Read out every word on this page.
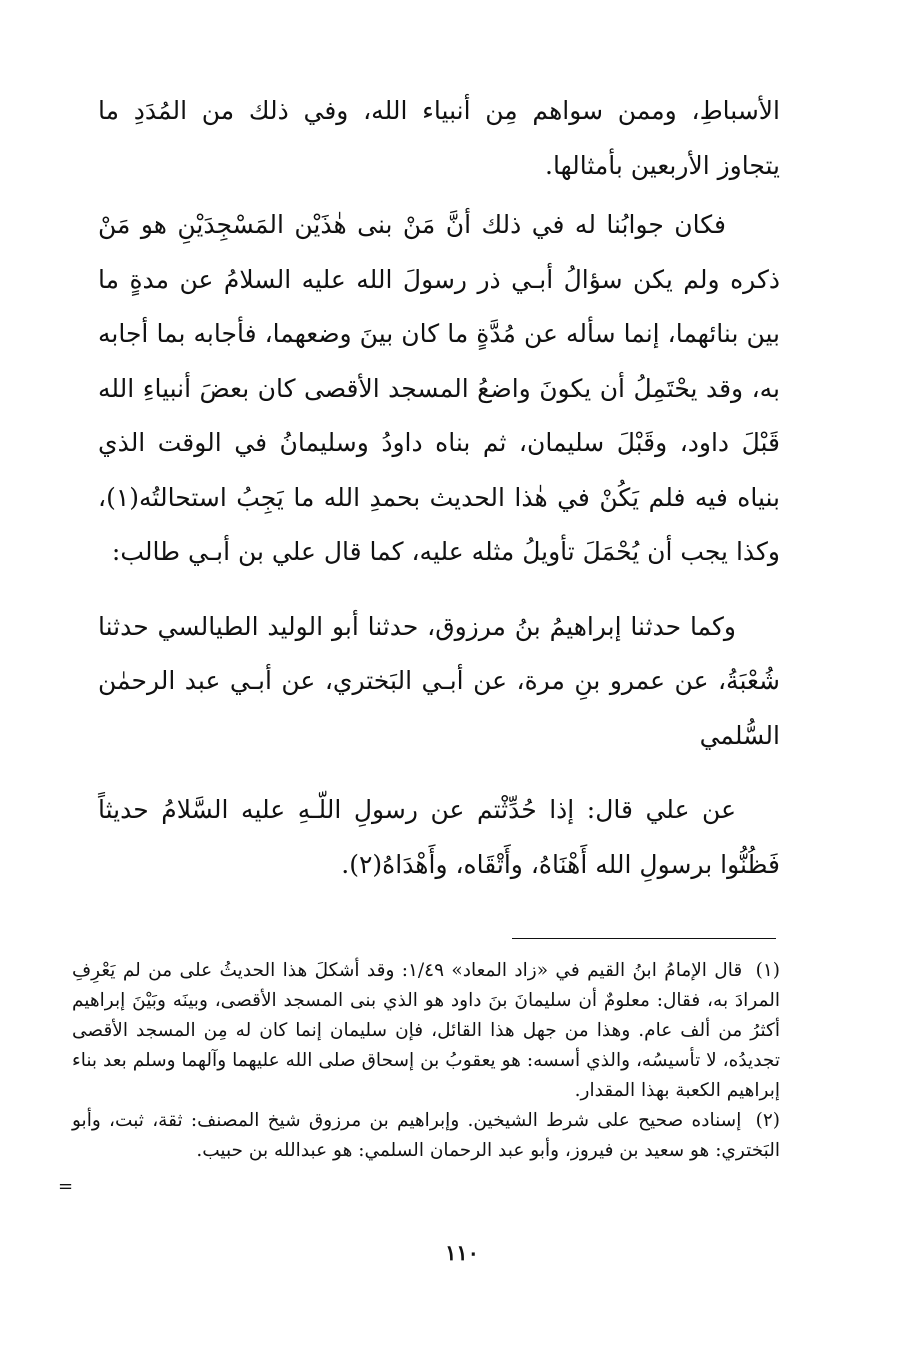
الأسباطِ، وممن سواهم مِن أنبياء الله، وفي ذلك من المُدَدِ ما يتجاوز الأربعين بأمثالها.

فكان جوابُنا له في ذلك أنَّ مَنْ بنى هٰذَيْن المَسْجِدَيْنِ هو مَنْ ذكره ولم يكن سؤالُ أبـي ذر رسولَ الله عليه السلامُ عن مدةٍ ما بين بنائهما، إنما سأله عن مُدَّةٍ ما كان بينَ وضعهما، فأجابه بما أجابه به، وقد يحْتَمِلُ أن يكونَ واضعُ المسجد الأقصى كان بعضَ أنبياءِ الله قَبْلَ داود، وقَبْلَ سليمان، ثم بناه داودُ وسليمانُ في الوقت الذي بنياه فيه فلم يَكُنْ في هٰذا الحديث بحمدِ الله ما يَجِبُ استحالتُه(١)، وكذا يجب أن يُحْمَلَ تأويلُ مثله عليه، كما قال علي بن أبـي طالب:

وكما حدثنا إبراهيمُ بنُ مرزوق، حدثنا أبو الوليد الطيالسي حدثنا شُعْبَةُ، عن عمرو بنِ مرة، عن أبـي البَختري، عن أبـي عبد الرحمٰن السُّلمي

عن علي قال: إذا حُدِّثْتم عن رسولِ اللّـهِ عليه السَّلامُ حديثاً فَظُنُّوا برسولِ الله أَهْنَاهُ، وأَتْقَاه، وأَهْدَاهُ(٢).

(١) قال الإمامُ ابنُ القيم في «زاد المعاد» ١/٤٩: وقد أشكلَ هذا الحديثُ على من لم يَعْرِفِ المرادَ به، فقال: معلومٌ أن سليمانَ بنَ داود هو الذي بنى المسجد الأقصى، وبينَه وبَيْنَ إبراهيم أكثرُ من ألف عام. وهذا من جهل هذا القائل، فإن سليمان إنما كان له مِن المسجد الأقصى تجديدُه، لا تأسيسُه، والذي أسسه: هو يعقوبُ بن إسحاق صلى الله عليهما وآلهما وسلم بعد بناء إبراهيم الكعبة بهذا المقدار.

(٢) إسناده صحيح على شرط الشيخين. وإبراهيم بن مرزوق شيخ المصنف: ثقة، ثبت، وأبو البَختري: هو سعيد بن فيروز، وأبو عبد الرحمان السلمي: هو عبدالله بن حبيب.

=
١١٠
